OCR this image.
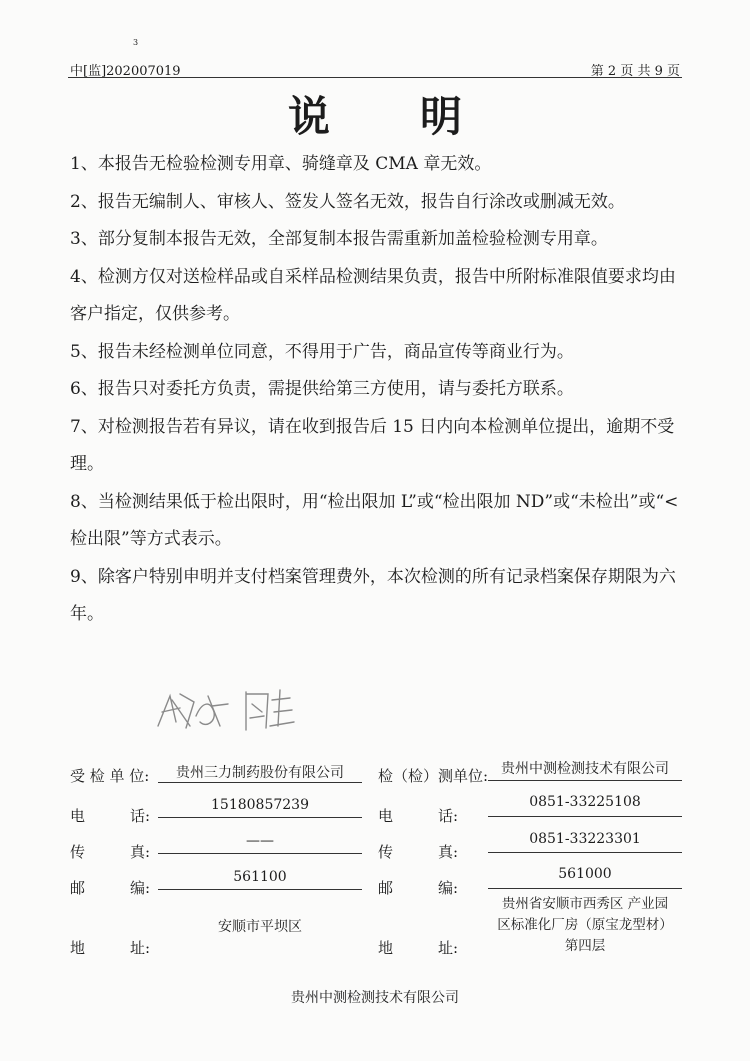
中[监]202007019
3
第 2 页 共 9 页
说明

1、本报告无检验检测专用章、骑缝章及 CMA 章无效。

2、报告无编制人、审核人、签发人签名无效，报告自行涂改或删减无效。

3、部分复制本报告无效，全部复制本报告需重新加盖检验检测专用章。

4、检测方仅对送检样品或自采样品检测结果负责，报告中所附标准限值要求均由客户指定，仅供参考。

5、报告未经检测单位同意，不得用于广告，商品宣传等商业行为。

6、报告只对委托方负责，需提供给第三方使用，请与委托方联系。

7、对检测报告若有异议，请在收到报告后 15 日内向本检测单位提出，逾期不受理。

8、当检测结果低于检出限时，用“检出限加 L”或“检出限加 ND”或“未检出”或“<检出限”等方式表示。

9、除客户特别申明并支付档案管理费外，本次检测的所有记录档案保存期限为六年。

受 检 单 位:	贵州三力制药股份有限公司
电　　　话:
15180857239
传　　　真:
——
邮　　　编:
561100
地　　　址:
安顺市平坝区
检（检）测单位: 贵州中测检测技术有限公司
电　　　话:
0851-33225108
传　　　真:
0851-33223301
邮　　　编:
561000
地　　　址:
贵州省安顺市西秀区 产业园
区标准化厂房（原宝龙型材）
第四层
贵州中测检测技术有限公司
